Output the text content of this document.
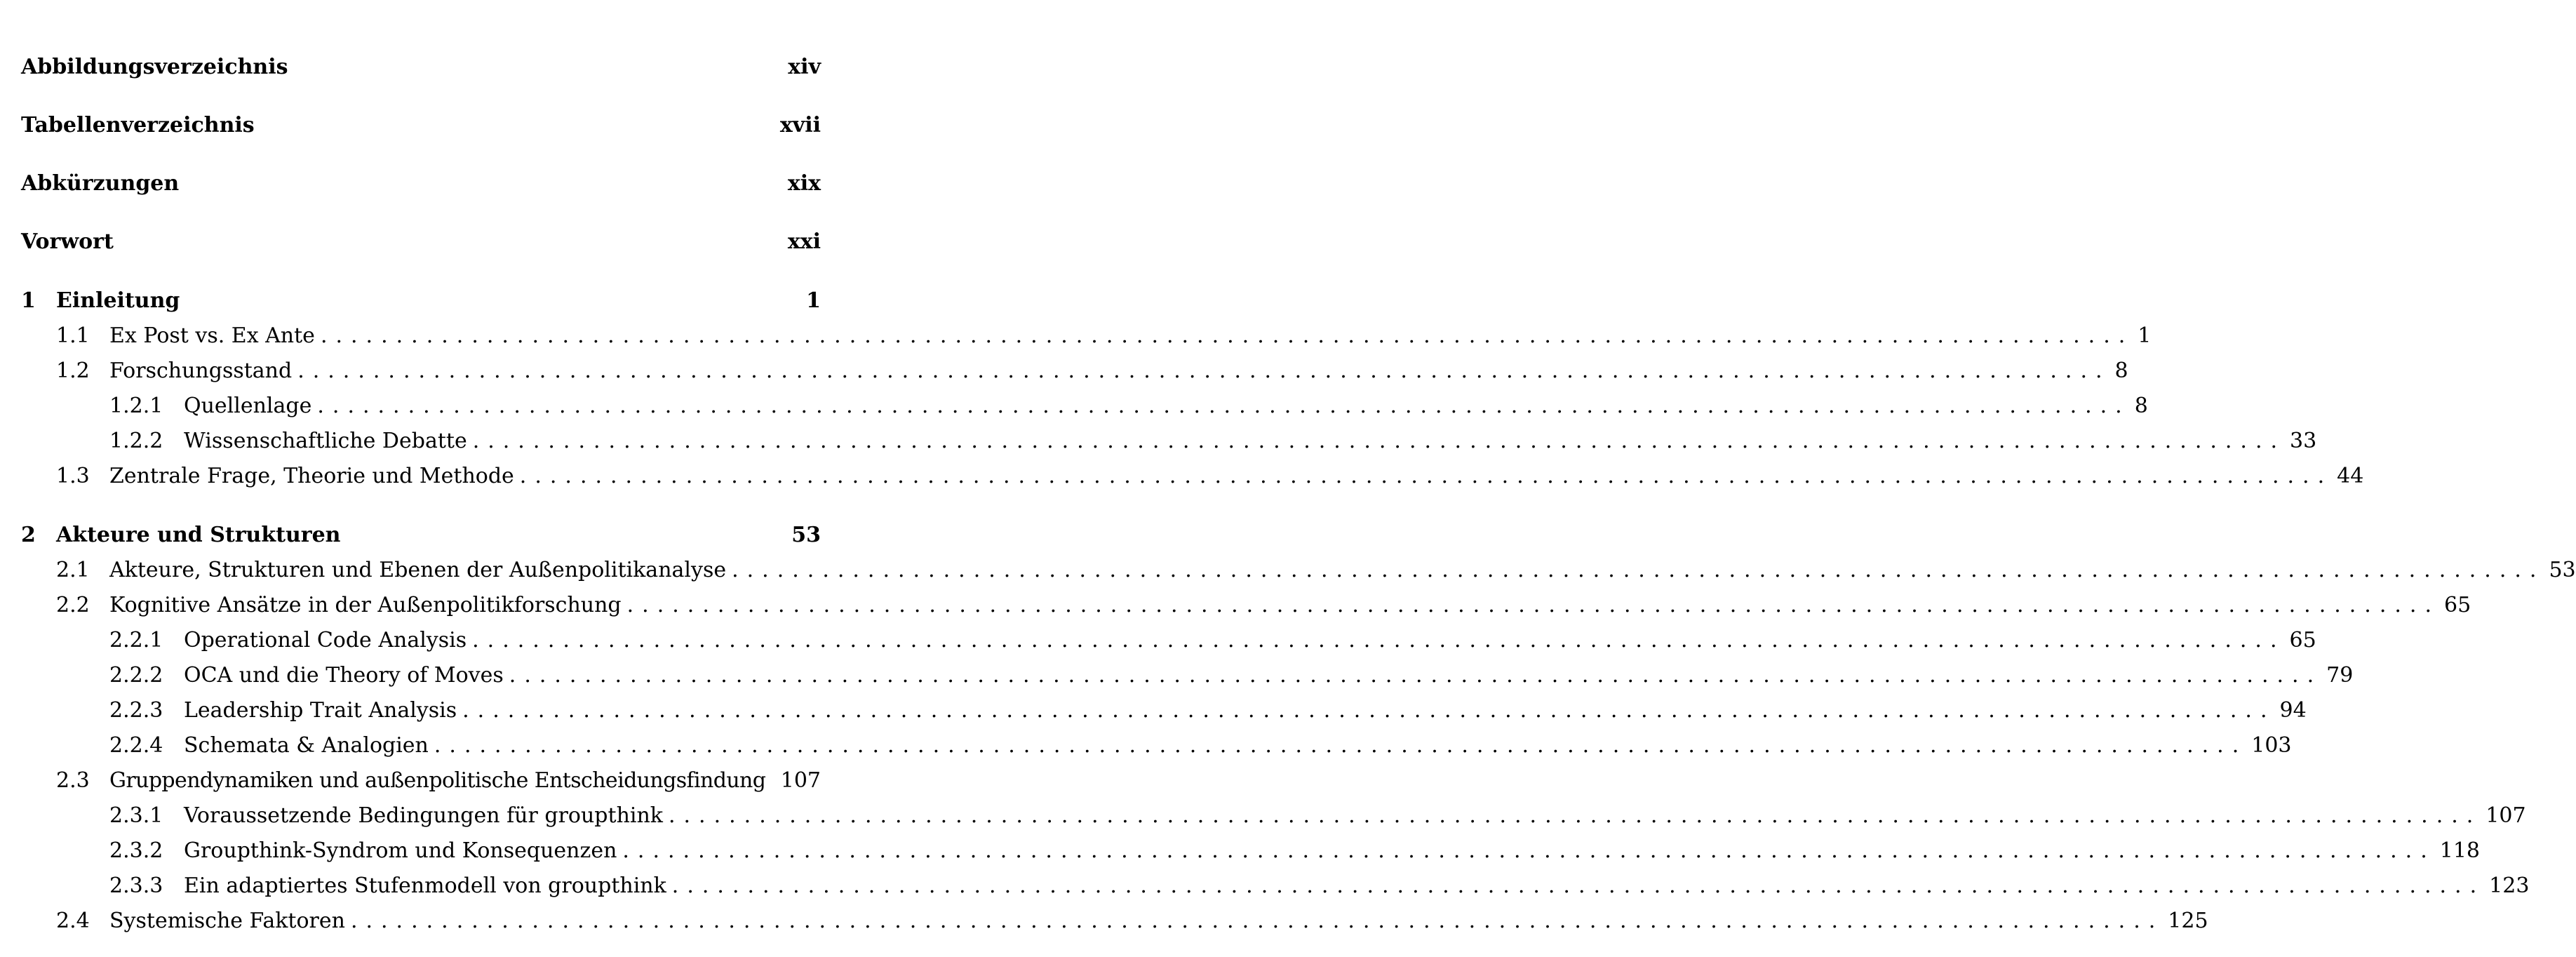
Abbildungsverzeichnis	xiv
Tabellenverzeichnis	xvii
Abkürzungen	xix
Vorwort	xxi
1 Einleitung	1
1.1 Ex Post vs. Ex Ante ........................................................................................................................ 1
1.2 Forschungsstand ........................................................................................................................ 8
1.2.1 Quellenlage ........................................................................................................................ 8
1.2.2 Wissenschaftliche Debatte ........................................................................................................................ 33
1.3 Zentrale Frage, Theorie und Methode ........................................................................................................................ 44
2 Akteure und Strukturen	53
2.1 Akteure, Strukturen und Ebenen der Außenpolitikanalyse ........................................................................................................................ 53
2.2 Kognitive Ansätze in der Außenpolitikforschung ........................................................................................................................ 65
2.2.1 Operational Code Analysis ........................................................................................................................ 65
2.2.2 OCA und die Theory of Moves ........................................................................................................................ 79
2.2.3 Leadership Trait Analysis ........................................................................................................................ 94
2.2.4 Schemata & Analogien ........................................................................................................................ 103
2.3 Gruppendynamiken und außenpolitische Entscheidungsfindung 107
2.3.1 Voraussetzende Bedingungen für groupthink ........................................................................................................................ 107
2.3.2 Groupthink-Syndrom und Konsequenzen ........................................................................................................................ 118
2.3.3 Ein adaptiertes Stufenmodell von groupthink ........................................................................................................................ 123
2.4 Systemische Faktoren ........................................................................................................................ 125
